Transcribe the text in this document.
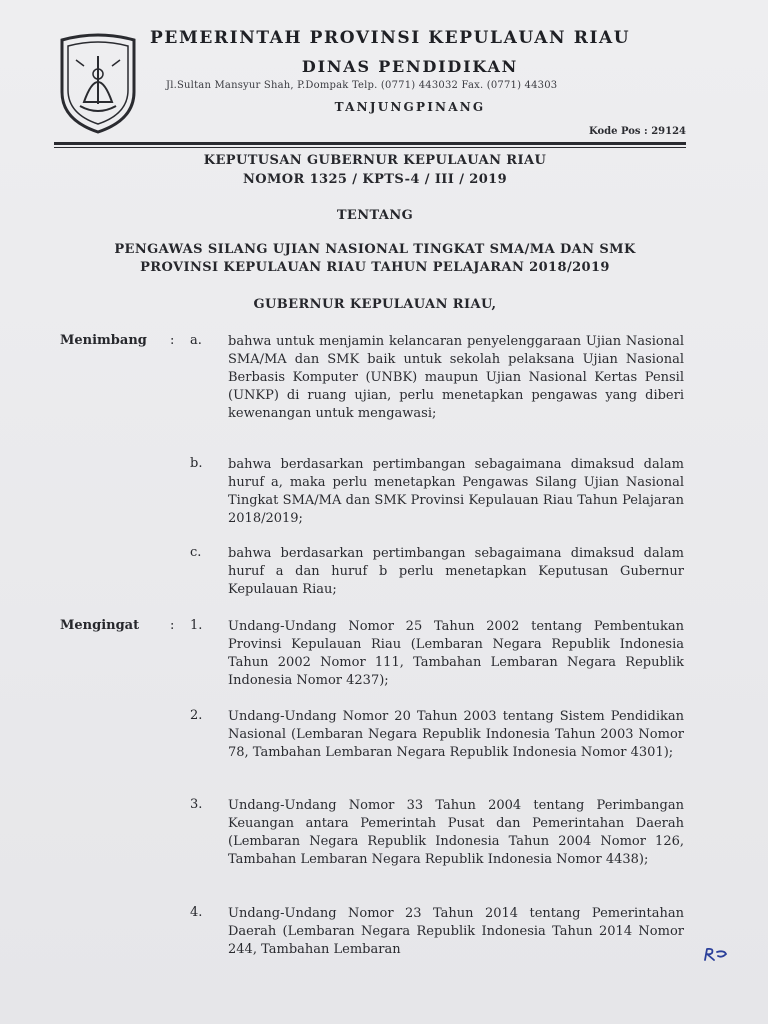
PEMERINTAH PROVINSI KEPULAUAN RIAU
DINAS PENDIDIKAN
Jl.Sultan Mansyur Shah, P.Dompak Telp. (0771) 443032 Fax. (0771) 44303
TANJUNGPINANG
Kode Pos : 29124
KEPUTUSAN GUBERNUR KEPULAUAN RIAU
NOMOR 1325 / KPTS-4 / III / 2019
TENTANG
PENGAWAS SILANG UJIAN NASIONAL TINGKAT SMA/MA DAN SMK
PROVINSI KEPULAUAN RIAU TAHUN PELAJARAN 2018/2019
GUBERNUR KEPULAUAN RIAU,
Menimbang	:	a.	bahwa untuk menjamin kelancaran penyelenggaraan Ujian Nasional SMA/MA dan SMK baik untuk sekolah pelaksana Ujian Nasional Berbasis Komputer (UNBK) maupun Ujian Nasional Kertas Pensil (UNKP) di ruang ujian, perlu menetapkan pengawas yang diberi kewenangan untuk mengawasi;
b.	bahwa berdasarkan pertimbangan sebagaimana dimaksud dalam huruf a, maka perlu menetapkan Pengawas Silang Ujian Nasional Tingkat SMA/MA dan SMK Provinsi Kepulauan Riau Tahun Pelajaran 2018/2019;
c.	bahwa berdasarkan pertimbangan sebagaimana dimaksud dalam huruf a dan huruf b perlu menetapkan Keputusan Gubernur Kepulauan Riau;
Mengingat	:	1.	Undang-Undang Nomor 25 Tahun 2002 tentang Pembentukan Provinsi Kepulauan Riau (Lembaran Negara Republik Indonesia Tahun 2002 Nomor 111, Tambahan Lembaran Negara Republik Indonesia Nomor 4237);
2.	Undang-Undang Nomor 20 Tahun 2003 tentang Sistem Pendidikan Nasional (Lembaran Negara Republik Indonesia Tahun 2003 Nomor 78, Tambahan Lembaran Negara Republik Indonesia Nomor 4301);
3.	Undang-Undang Nomor 33 Tahun 2004 tentang Perimbangan Keuangan antara Pemerintah Pusat dan Pemerintahan Daerah (Lembaran Negara Republik Indonesia Tahun 2004 Nomor 126, Tambahan Lembaran Negara Republik Indonesia Nomor 4438);
4.	Undang-Undang Nomor 23 Tahun 2014 tentang Pemerintahan Daerah (Lembaran Negara Republik Indonesia Tahun 2014 Nomor 244, Tambahan Lembaran
